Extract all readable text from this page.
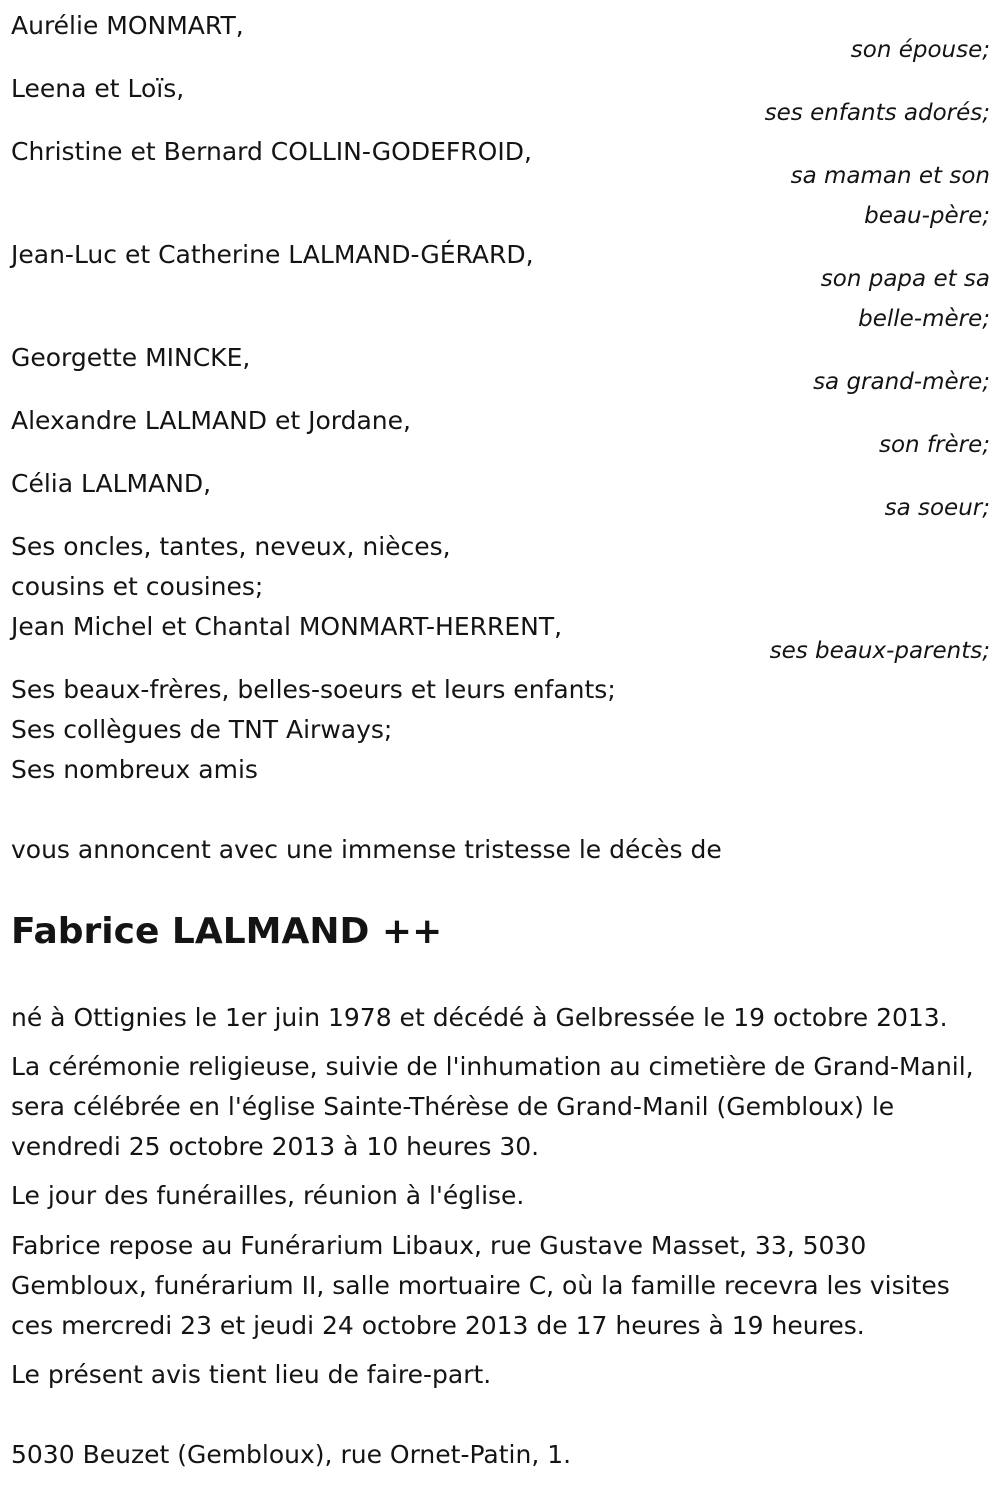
Aurélie MONMART,
son épouse;
Leena et Loïs,
ses enfants adorés;
Christine et Bernard COLLIN-GODEFROID,
sa maman et son
beau-père;
Jean-Luc et Catherine LALMAND-GÉRARD,
son papa et sa
belle-mère;
Georgette MINCKE,
sa grand-mère;
Alexandre LALMAND et Jordane,
son frère;
Célia LALMAND,
sa soeur;
Ses oncles, tantes, neveux, nièces,
cousins et cousines;
Jean Michel et Chantal MONMART-HERRENT,
ses beaux-parents;
Ses beaux-frères, belles-soeurs et leurs enfants;
Ses collègues de TNT Airways;
Ses nombreux amis
vous annoncent avec une immense tristesse le décès de
Fabrice LALMAND ++
né à Ottignies le 1er juin 1978 et décédé à Gelbressée le 19 octobre 2013.
La cérémonie religieuse, suivie de l'inhumation au cimetière de Grand-Manil, sera célébrée en l'église Sainte-Thérèse de Grand-Manil (Gembloux) le vendredi 25 octobre 2013 à 10 heures 30.
Le jour des funérailles, réunion à l'église.
Fabrice repose au Funérarium Libaux, rue Gustave Masset, 33, 5030 Gembloux, funérarium II, salle mortuaire C, où la famille recevra les visites ces mercredi 23 et jeudi 24 octobre 2013 de 17 heures à 19 heures.
Le présent avis tient lieu de faire-part.
5030 Beuzet (Gembloux), rue Ornet-Patin, 1.
